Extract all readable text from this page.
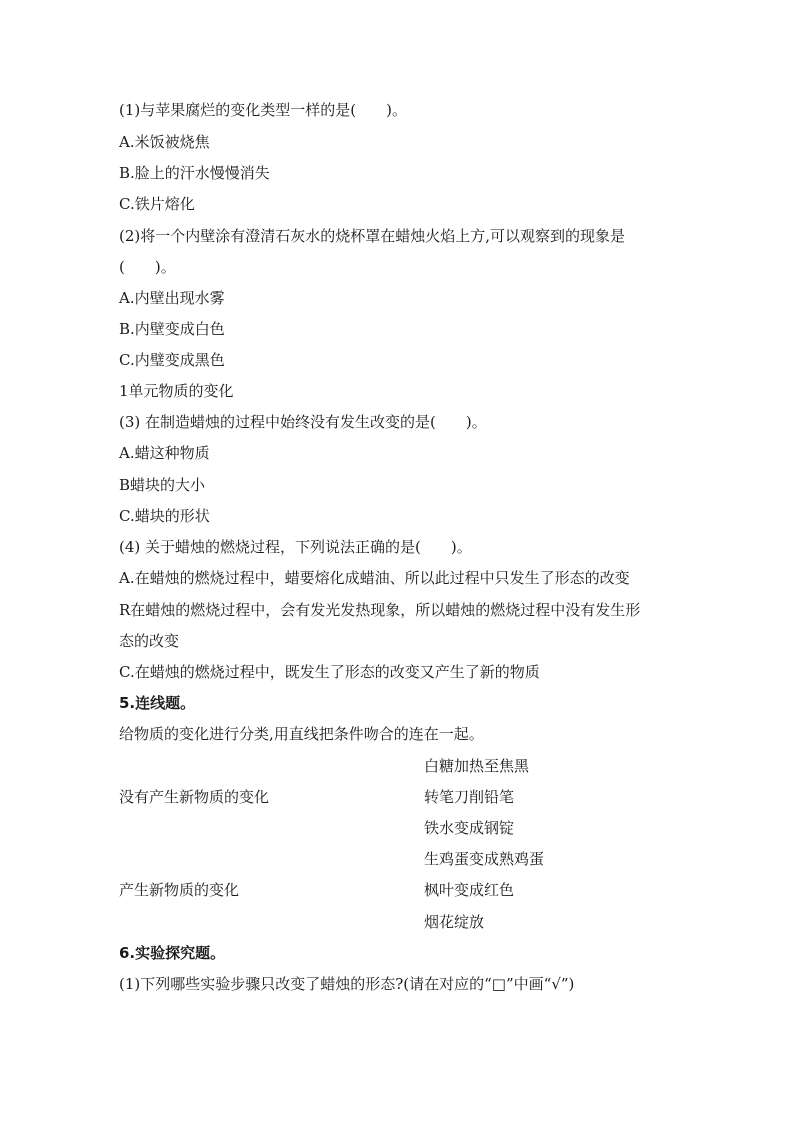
(1)与苹果腐烂的变化类型一样的是(　　)。
A.米饭被烧焦
B.脸上的汗水慢慢消失
C.铁片熔化
(2)将一个内壁涂有澄清石灰水的烧杯罩在蜡烛火焰上方,可以观察到的现象是
(　　)。
A.内壁出现水雾
B.内壁变成白色
C.内璧变成黑色
1单元物质的变化
(3) 在制造蜡烛的过程中始终没有发生改变的是(　　)。
A.蜡这种物质
B蜡块的大小
C.蜡块的形状
(4) 关于蜡烛的燃烧过程，下列说法正确的是(　　)。
A.在蜡烛的燃烧过程中，蜡要熔化成蜡油、所以此过程中只发生了形态的改变
R在蜡烛的燃烧过程中，会有发光发热现象，所以蜡烛的燃烧过程中没有发生形
态的改变
C.在蜡烛的燃烧过程中，既发生了形态的改变又产生了新的物质
5.连线题。
给物质的变化进行分类,用直线把条件吻合的连在一起。
白糖加热至焦黑
没有产生新物质的变化	转笔刀削铅笔
铁水变成钢锭
生鸡蛋变成熟鸡蛋
产生新物质的变化	枫叶变成红色
烟花绽放
6.实验探究题。
(1)下列哪些实验步骤只改变了蜡烛的形态?(请在对应的“□”中画“√”)
